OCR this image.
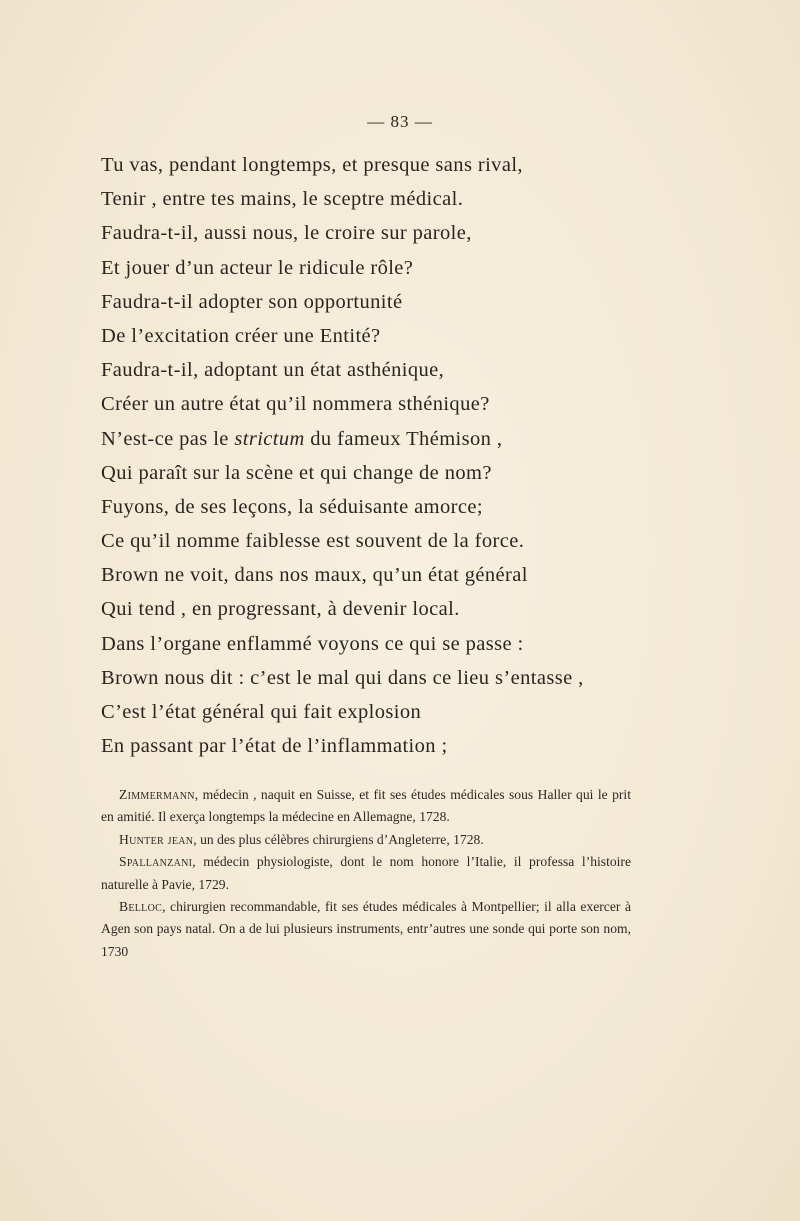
— 83 —
Tu vas, pendant longtemps, et presque sans rival,
Tenir , entre tes mains, le sceptre médical.
Faudra-t-il, aussi nous, le croire sur parole,
Et jouer d’un acteur le ridicule rôle?
Faudra-t-il adopter son opportunité
De l’excitation créer une Entité?
Faudra-t-il, adoptant un état asthénique,
Créer un autre état qu’il nommera sthénique?
N’est-ce pas le strictum du fameux Thémison ,
Qui paraît sur la scène et qui change de nom?
Fuyons, de ses leçons, la séduisante amorce;
Ce qu’il nomme faiblesse est souvent de la force.
Brown ne voit, dans nos maux, qu’un état général
Qui tend , en progressant, à devenir local.
Dans l’organe enflammé voyons ce qui se passe :
Brown nous dit : c’est le mal qui dans ce lieu s’entasse ,
C’est l’état général qui fait explosion
En passant par l’état de l’inflammation ;

Zimmermann, médecin , naquit en Suisse, et fit ses études médicales sous Haller qui le prit en amitié. Il exerça longtemps la médecine en Allemagne, 1728.

Hunter jean, un des plus célèbres chirurgiens d’Angleterre, 1728.

Spallanzani, médecin physiologiste, dont le nom honore l’Italie, il professa l’histoire naturelle à Pavie, 1729.

Belloc, chirurgien recommandable, fit ses études médicales à Montpellier; il alla exercer à Agen son pays natal. On a de lui plusieurs instruments, entr’autres une sonde qui porte son nom, 1730
